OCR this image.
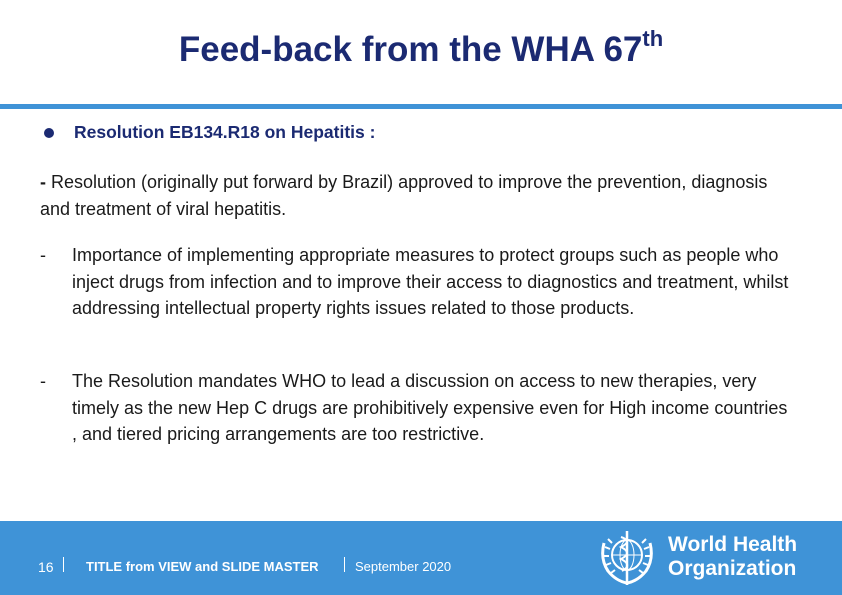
Feed-back from the WHA 67th
Resolution EB134.R18 on Hepatitis :
- Resolution (originally put forward by Brazil) approved to improve the prevention, diagnosis and treatment of viral hepatitis.
-	Importance of implementing appropriate measures to protect groups such as people who inject drugs from infection and to improve their access to diagnostics and treatment, whilst addressing intellectual property rights issues related to those products.
-	The Resolution mandates WHO to lead a discussion on access to new therapies, very timely as the new Hep C drugs are prohibitively expensive even for High income countries , and tiered pricing arrangements are too restrictive.
16 TITLE from VIEW and SLIDE MASTER	September 2020
World Health
Organization
